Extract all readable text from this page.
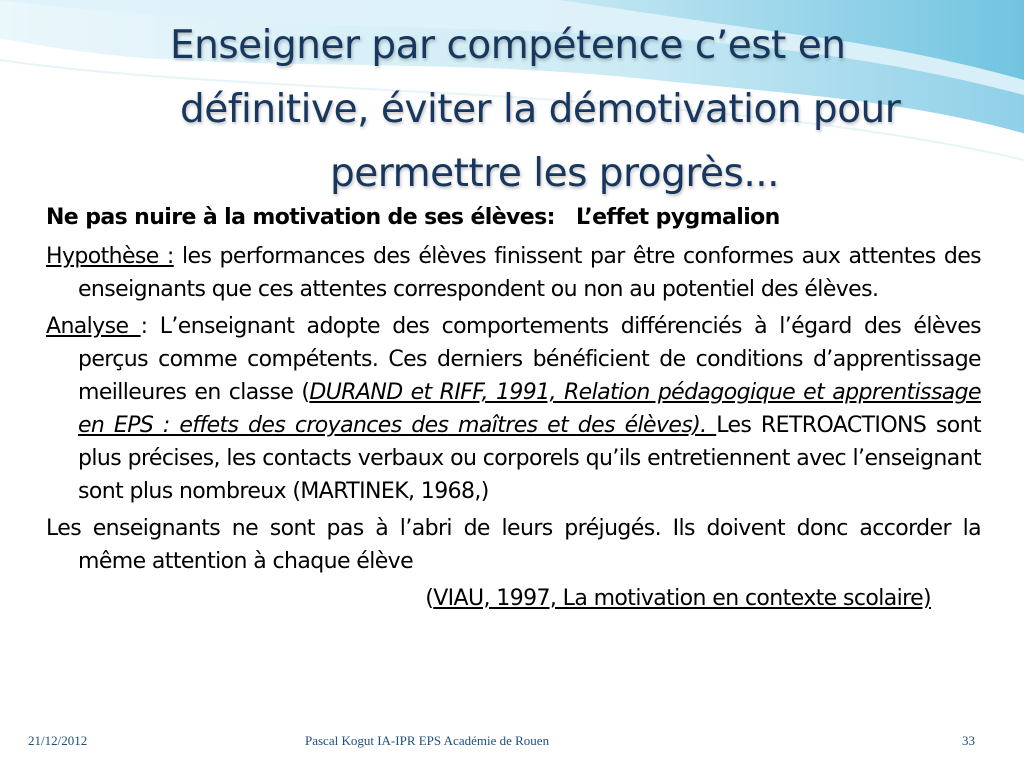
Enseigner par compétence c’est en
définitive, éviter la démotivation pour
permettre les progrès...

Ne pas nuire à la motivation de ses élèves: L’effet pygmalion

Hypothèse : les performances des élèves finissent par être conformes aux attentes des enseignants que ces attentes correspondent ou non au potentiel des élèves.

Analyse : L’enseignant adopte des comportements différenciés à l’égard des élèves perçus comme compétents. Ces derniers bénéficient de conditions d’apprentissage meilleures en classe (DURAND et RIFF, 1991, Relation pédagogique et apprentissage en EPS : effets des croyances des maîtres et des élèves). Les RETROACTIONS sont plus précises, les contacts verbaux ou corporels qu’ils entretiennent avec l’enseignant sont plus nombreux (MARTINEK, 1968,)

Les enseignants ne sont pas à l’abri de leurs préjugés. Ils doivent donc accorder la même attention à chaque élève

(VIAU, 1997, La motivation en contexte scolaire)

21/12/2012	Pascal Kogut IA-IPR EPS Académie de Rouen	33
